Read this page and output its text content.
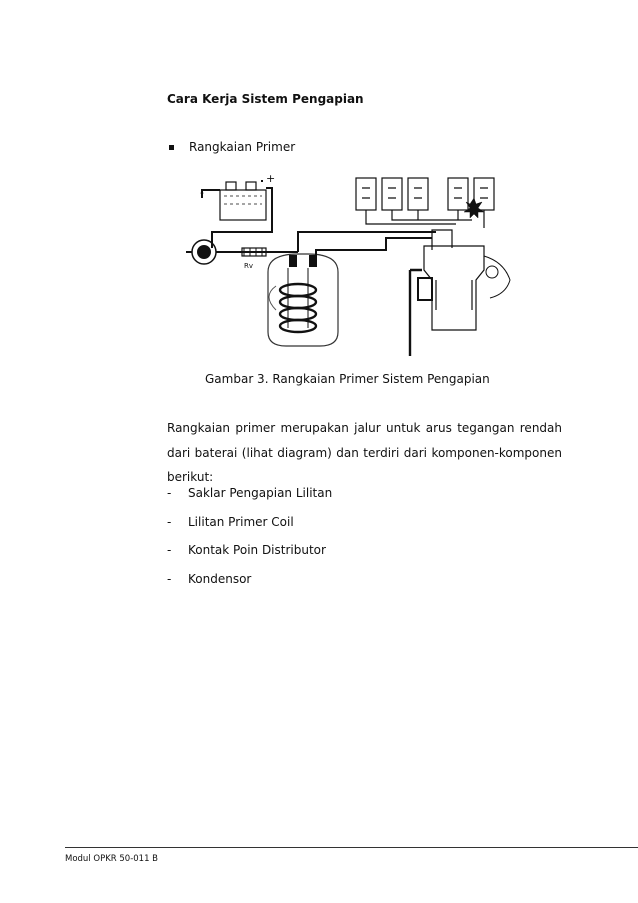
Cara Kerja Sistem Pengapian
Rangkaian Primer
+
-
Rv
Gambar 3. Rangkaian Primer Sistem Pengapian
Rangkaian primer merupakan jalur untuk arus tegangan rendah
dari baterai (lihat diagram) dan terdiri dari komponen-komponen
berikut:
-	Saklar Pengapian Lilitan
-	Lilitan Primer Coil
-	Kontak Poin Distributor
-	Kondensor
Modul OPKR 50-011 B
